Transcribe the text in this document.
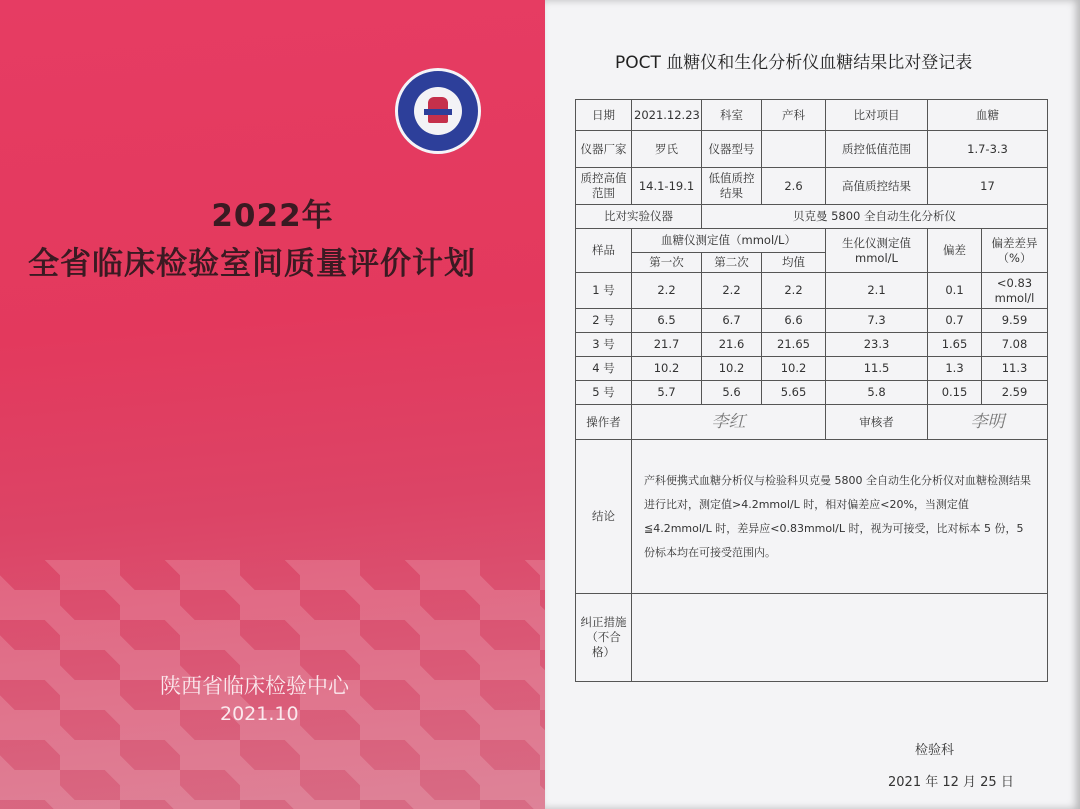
2022年
全省临床检验室间质量评价计划
陕西省临床检验中心
2021.10
POCT 血糖仪和生化分析仪血糖结果比对登记表
日期	2021.12.23	科室	产科	比对项目	血糖	
仪器厂家	罗氏	仪器型号		质控低值范围	1.7-3.3	
质控高值范围	14.1-19.1	低值质控结果	2.6	高值质控结果	17	
比对实验仪器		贝克曼 5800 全自动生化分析仪				
样品	血糖仪测定值（mmol/L）			生化仪测定值 mmol/L	偏差	偏差差异（%）
	第一次	第二次	均值			
1 号	2.2	2.2	2.2	2.1	0.1	<0.83 mmol/l
2 号	6.5	6.7	6.6	7.3	0.7	9.59
3 号	21.7	21.6	21.65	23.3	1.65	7.08
4 号	10.2	10.2	10.2	11.5	1.3	11.3
5 号	5.7	5.6	5.65	5.8	0.15	2.59
操作者	李红			审核者	李明	
结论	产科便携式血糖分析仪与检验科贝克曼 5800 全自动生化分析仪对血糖检测结果进行比对，测定值>4.2mmol/L 时，相对偏差应<20%，当测定值≦4.2mmol/L 时，差异应<0.83mmol/L 时，视为可接受，比对标本 5 份，5 份标本均在可接受范围内。					
纠正措施（不合格）						
检验科
2021 年 12 月 25 日
